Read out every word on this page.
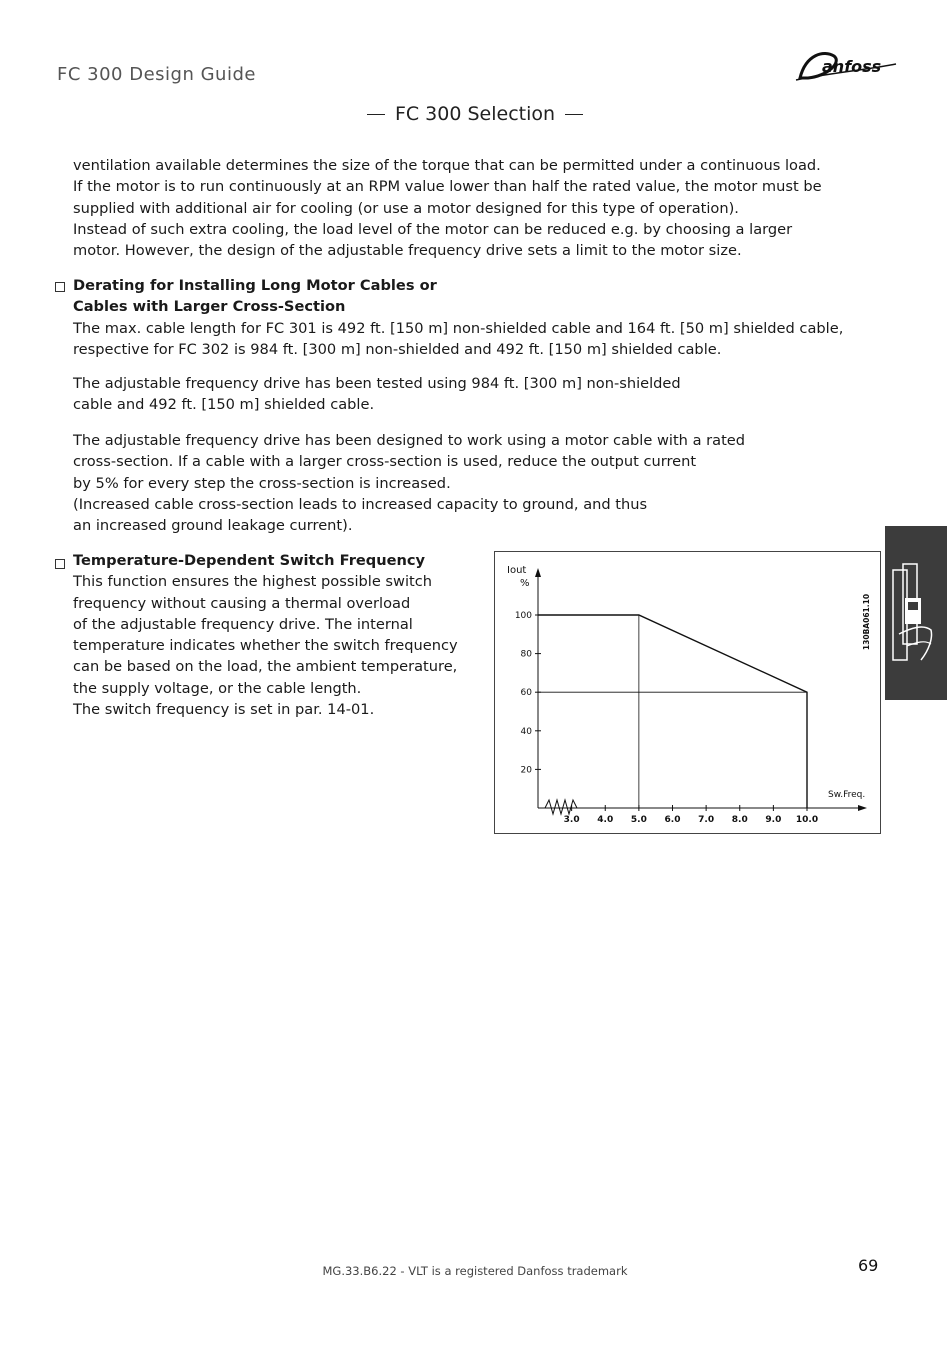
FC 300 Design Guide	anfoss
FC 300 Selection
ventilation available determines the size of the torque that can be permitted under a continuous load.
If the motor is to run continuously at an RPM value lower than half the rated value, the motor must be
supplied with additional air for cooling (or use a motor designed for this type of operation).
Instead of such extra cooling, the load level of the motor can be reduced e.g. by choosing a larger
motor. However, the design of the adjustable frequency drive sets a limit to the motor size.
Derating for Installing Long Motor Cables or
Cables with Larger Cross-Section
The max. cable length for FC 301 is 492 ft. [150 m] non-shielded cable and 164 ft. [50 m] shielded cable,
respective for FC 302 is 984 ft. [300 m] non-shielded and 492 ft. [150 m] shielded cable.
The adjustable frequency drive has been tested using 984 ft. [300 m] non-shielded
cable and 492 ft. [150 m] shielded cable.
The adjustable frequency drive has been designed to work using a motor cable with a rated
cross-section. If a cable with a larger cross-section is used, reduce the output current
by 5% for every step the cross-section is increased.
(Increased cable cross-section leads to increased capacity to ground, and thus
an increased ground leakage current).
Temperature-Dependent Switch Frequency
This function ensures the highest possible switch
frequency without causing a thermal overload
of the adjustable frequency drive. The internal
temperature indicates whether the switch frequency
can be based on the load, the ambient temperature,
the supply voltage, or the cable length.
The switch frequency is set in par. 14-01.
Iout
%
Sw.Freq.
130BA061.10
20
40
60
80
100
3.0 4.0 5.0 6.0 7.0 8.0 9.0 10.0
MG.33.B6.22 - VLT is a registered Danfoss trademark	69
